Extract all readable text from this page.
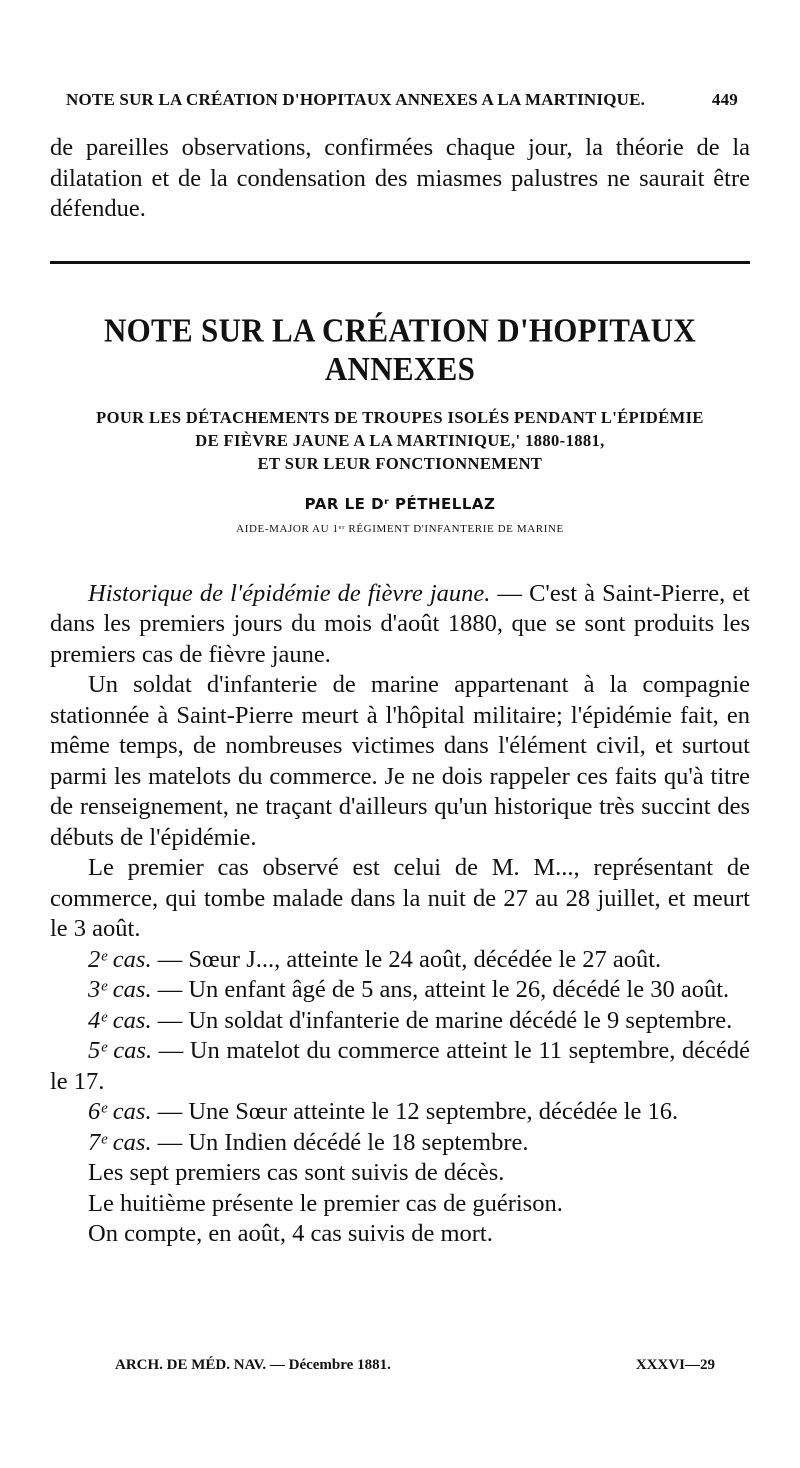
NOTE SUR LA CRÉATION D'HOPITAUX ANNEXES A LA MARTINIQUE.	449

de pareilles observations, confirmées chaque jour, la théorie de la dilatation et de la condensation des miasmes palustres ne saurait être défendue.

NOTE SUR LA CRÉATION D'HOPITAUX ANNEXES
POUR LES DÉTACHEMENTS DE TROUPES ISOLÉS PENDANT L'ÉPIDÉMIE
DE FIÈVRE JAUNE A LA MARTINIQUE,' 1880-1881,
ET SUR LEUR FONCTIONNEMENT
PAR LE Dʳ PÉTHELLAZ
AIDE-MAJOR AU 1ᵉʳ RÉGIMENT D'INFANTERIE DE MARINE

Historique de l'épidémie de fièvre jaune. — C'est à Saint-Pierre, et dans les premiers jours du mois d'août 1880, que se sont produits les premiers cas de fièvre jaune.

Un soldat d'infanterie de marine appartenant à la compagnie stationnée à Saint-Pierre meurt à l'hôpital militaire; l'épidémie fait, en même temps, de nombreuses victimes dans l'élément civil, et surtout parmi les matelots du commerce. Je ne dois rappeler ces faits qu'à titre de renseignement, ne traçant d'ailleurs qu'un historique très succint des débuts de l'épidémie.

Le premier cas observé est celui de M. M..., représentant de commerce, qui tombe malade dans la nuit de 27 au 28 juillet, et meurt le 3 août.

2ᵉ cas. — Sœur J..., atteinte le 24 août, décédée le 27 août.

3ᵉ cas. — Un enfant âgé de 5 ans, atteint le 26, décédé le 30 août.

4ᵉ cas. — Un soldat d'infanterie de marine décédé le 9 septembre.

5ᵉ cas. — Un matelot du commerce atteint le 11 septembre, décédé le 17.

6ᵉ cas. — Une Sœur atteinte le 12 septembre, décédée le 16.

7ᵉ cas. — Un Indien décédé le 18 septembre.

Les sept premiers cas sont suivis de décès.

Le huitième présente le premier cas de guérison.

On compte, en août, 4 cas suivis de mort.

ARCH. DE MÉD. NAV. — Décembre 1881.	XXXVI—29
